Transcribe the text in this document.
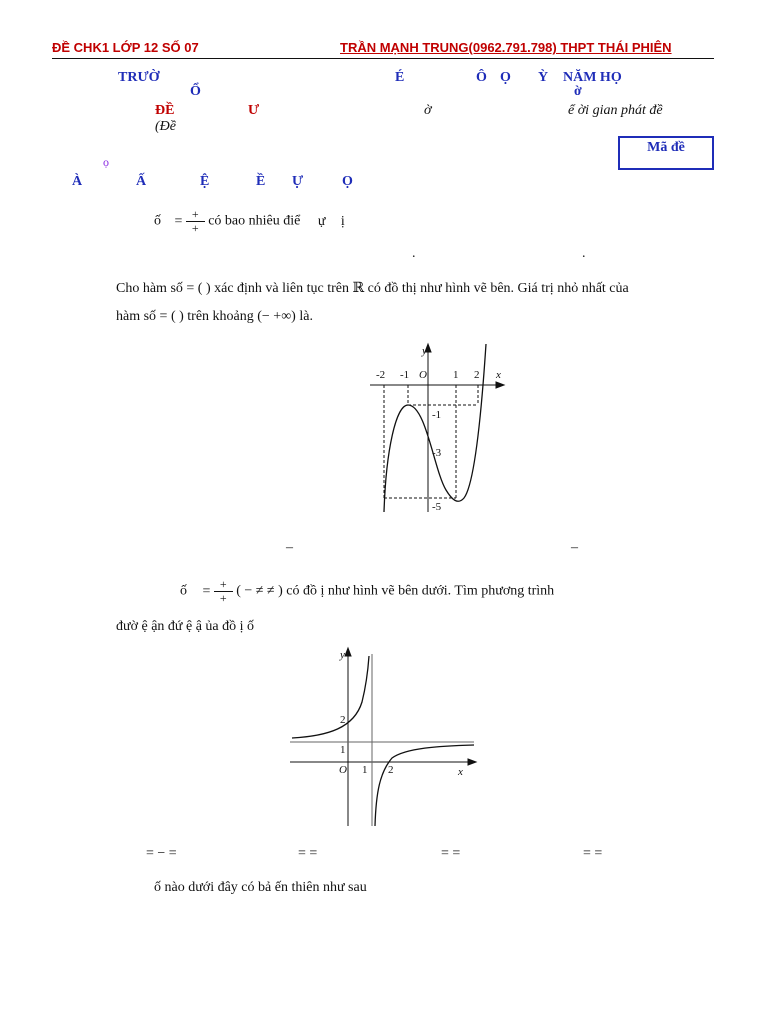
ĐỀ CHK1 LỚP 12 SỐ 07	TRẦN MẠNH TRUNG(0962.791.798) THPT THÁI PHIÊN
TRƯỜ
Ổ
É	Ô Ọ Ỳ NĂM HỌ
ờ
ĐỀ	Ư	ờ	ể ời gian phát đề
(Đề
Mã đề
ọ
À	Ấ	Ệ	Ề Ự	Ọ
ố = $\frac{+}{+}$ có bao nhiêu điể ự ị
.	.
Cho hàm số = ( ) xác định và liên tục trên ℝ có đồ thị như hình vẽ bên. Giá trị nhỏ nhất của
hàm số = ( ) trên khoảng (− +∞) là.
-2 -1 O 1 2 x
y
-1
-3
-5
–	–
ố = $\frac{+}{+}$ ( − ≠ ≠ ) có đồ ị như hình vẽ bên dưới. Tìm phương trình
đườ ệ ận đứ ệ ậ ủa đồ ị ố
y
x
2
1
O 1 2
= − =	= =	= =	= =
ố nào dưới đây có bả ến thiên như sau
